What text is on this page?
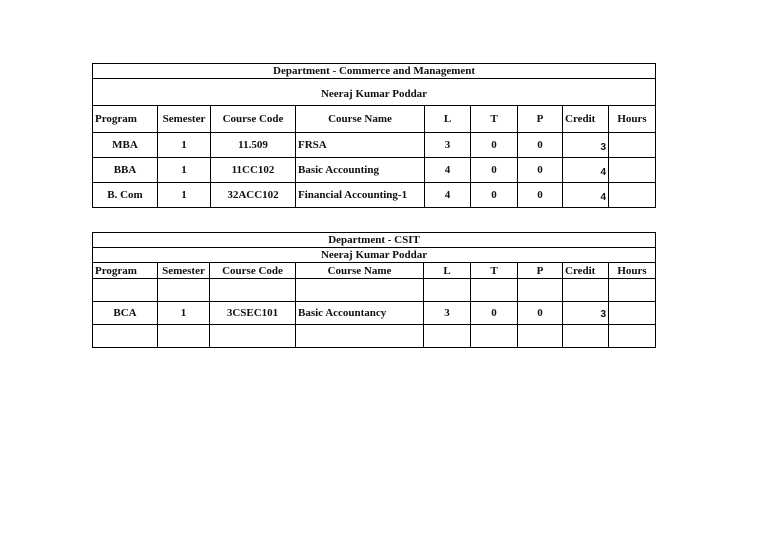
Department - Commerce and Management								
Neeraj Kumar Poddar								
Program	Semester	Course Code	Course Name	L	T	P	Credit	Hours
MBA	1	11.509	FRSA	3	0	0	3	

BBA	1	11CC102	Basic Accounting	4	0	0	4	

B. Com	1	32ACC102	Financial Accounting-1	4	0	0	4	

Department - CSIT								
Neeraj Kumar Poddar								
Program	Semester	Course Code	Course Name	L	T	P	Credit	Hours

BCA	1	3CSEC101	Basic Accountancy	3	0	0	3	
